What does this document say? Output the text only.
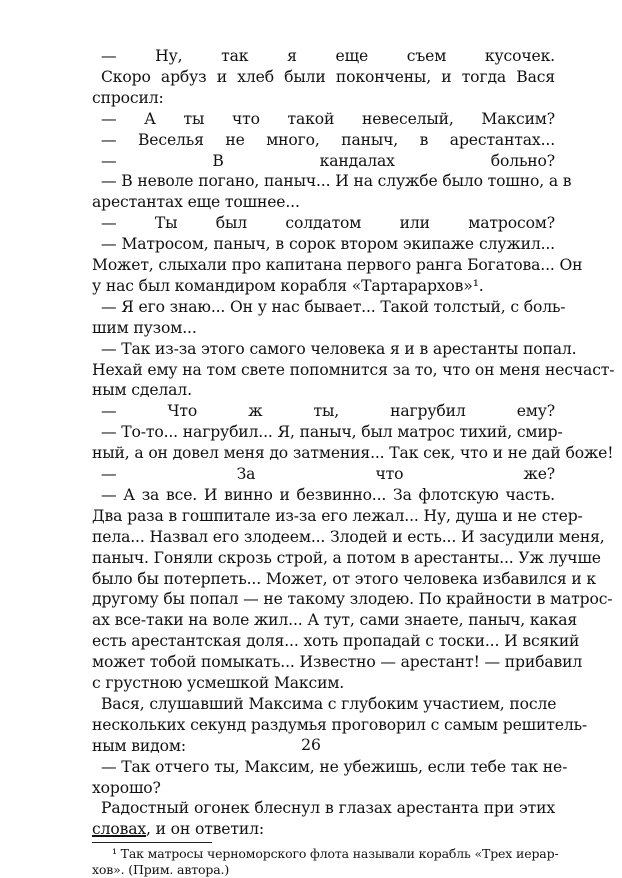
— Ну, так я еще съем кусочек.
Скоро арбуз и хлеб были покончены, и тогда Вася
спросил:
— А ты что такой невеселый, Максим?
— Веселья не много, паныч, в арестантах...
— В кандалах больно?
— В неволе погано, паныч... И на службе было тошно, а в
арестантах еще тошнее...
— Ты был солдатом или матросом?
— Матросом, паныч, в сорок втором экипаже служил...
Может, слыхали про капитана первого ранга Богатова... Он
у нас был командиром корабля «Тартарархов»¹.
— Я его знаю... Он у нас бывает... Такой толстый, с боль-
шим пузом...
— Так из-за этого самого человека я и в арестанты попал.
Нехай ему на том свете попомнится за то, что он меня несчаст-
ным сделал.
— Что ж ты, нагрубил ему?
— То-то... нагрубил... Я, паныч, был матрос тихий, смир-
ный, а он довел меня до затмения... Так сек, что и не дай боже!
— За что же?
— А за все. И винно и безвинно... За флотскую часть.
Два раза в гошпитале из-за его лежал... Ну, душа и не стер-
пела... Назвал его злодеем... Злодей и есть... И засудили меня,
паныч. Гоняли скрозь строй, а потом в арестанты... Уж лучше
было бы потерпеть... Может, от этого человека избавился и к
другому бы попал — не такому злодею. По крайности в матрос-
ах все-таки на воле жил... А тут, сами знаете, паныч, какая
есть арестантская доля... хоть пропадай с тоски... И всякий
может тобой помыкать... Известно — арестант! — прибавил
с грустною усмешкой Максим.
Вася, слушавший Максима с глубоким участием, после
нескольких секунд раздумья проговорил с самым решитель-
ным видом:
— Так отчего ты, Максим, не убежишь, если тебе так не-
хорошо?
Радостный огонек блеснул в глазах арестанта при этих
словах, и он ответил:
¹ Так матросы черноморского флота называли корабль «Трех иерар-
хов». (Прим. автора.)
26
